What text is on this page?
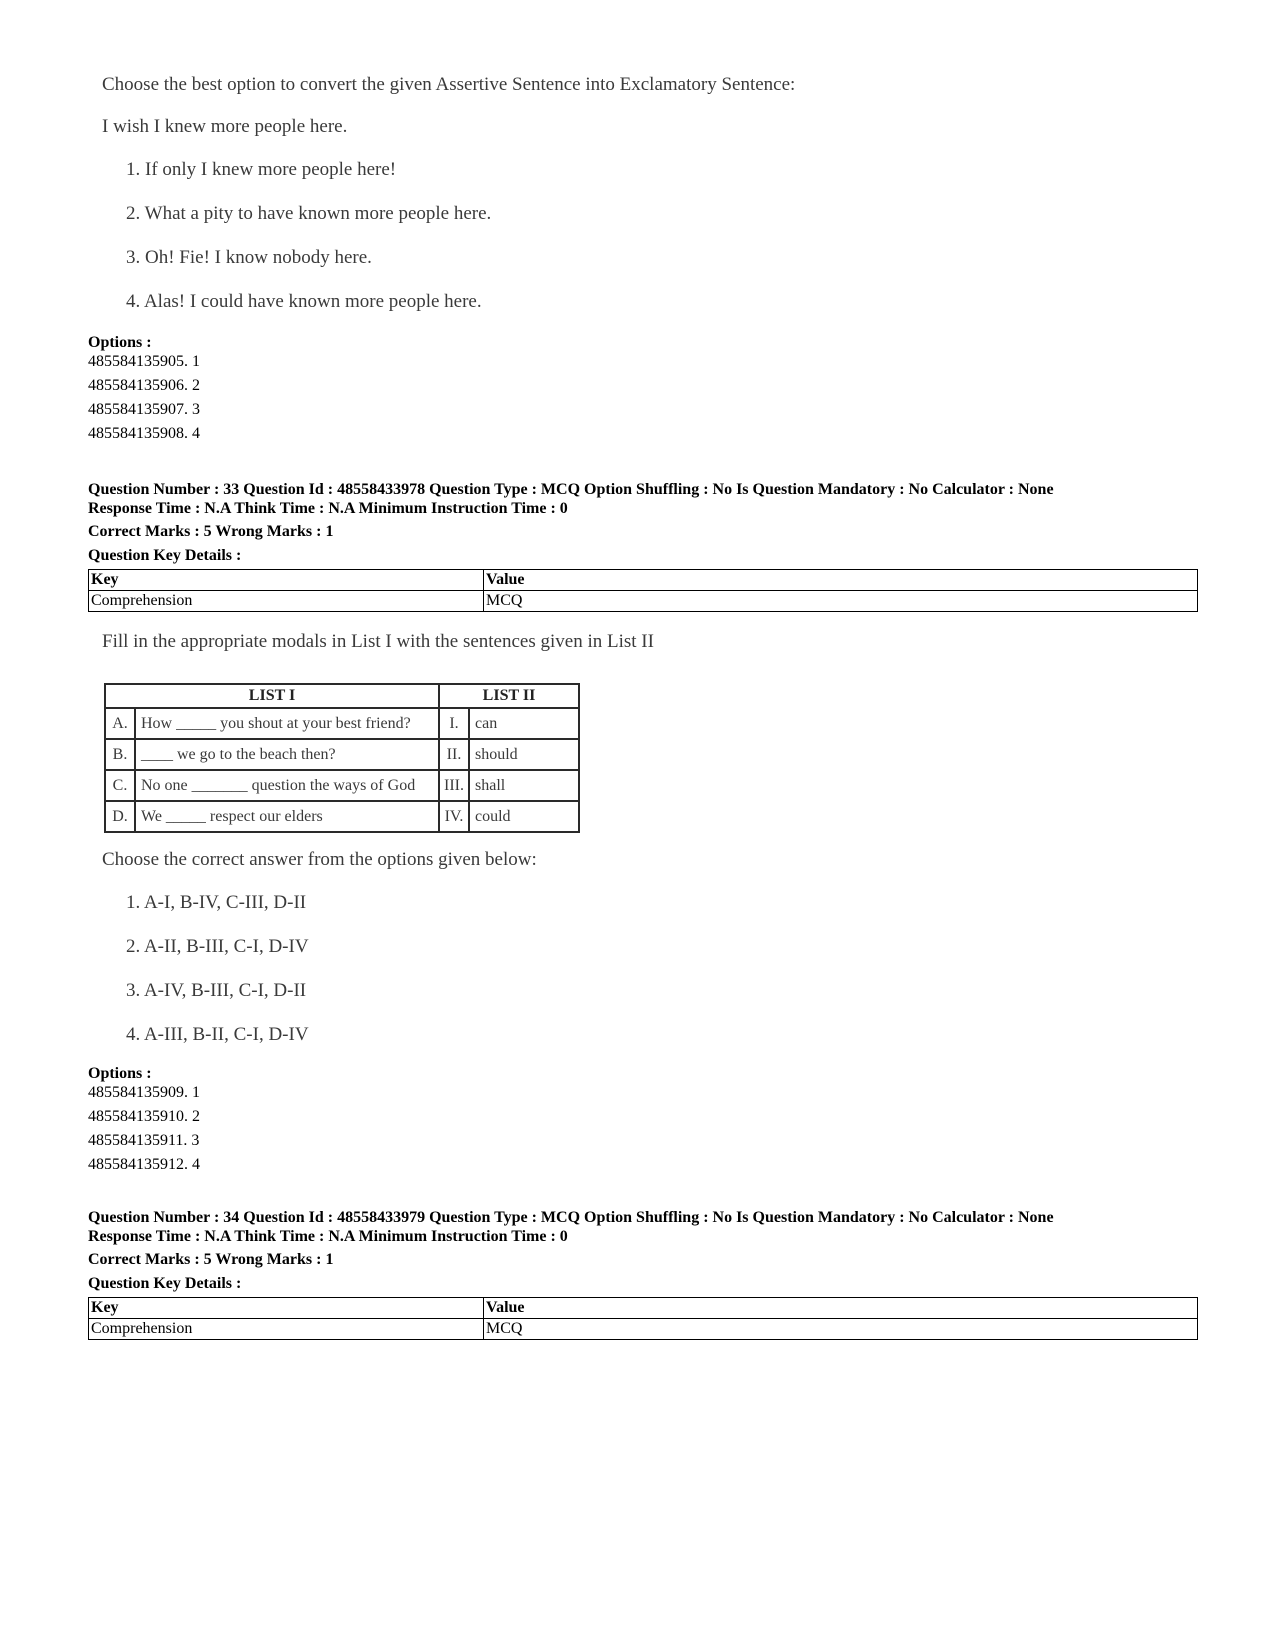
Choose the best option to convert the given Assertive Sentence into Exclamatory Sentence:
I wish I knew more people here.
1. If only I knew more people here!
2. What a pity to have known more people here.
3. Oh! Fie! I know nobody here.
4. Alas! I could have known more people here.
Options :
485584135905. 1
485584135906. 2
485584135907. 3
485584135908. 4
Question Number : 33 Question Id : 48558433978 Question Type : MCQ Option Shuffling : No Is Question Mandatory : No Calculator : None
Response Time : N.A Think Time : N.A Minimum Instruction Time : 0
Correct Marks : 5 Wrong Marks : 1
Question Key Details :
Key	Value
Comprehension	MCQ
Fill in the appropriate modals in List I with the sentences given in List II
LIST I		LIST II	
A.	How _____ you shout at your best friend?	I.	can
B.	____ we go to the beach then?	II.	should
C.	No one _______ question the ways of God	III.	shall
D.	We _____ respect our elders	IV.	could
Choose the correct answer from the options given below:
1. A-I, B-IV, C-III, D-II
2. A-II, B-III, C-I, D-IV
3. A-IV, B-III, C-I, D-II
4. A-III, B-II, C-I, D-IV
Options :
485584135909. 1
485584135910. 2
485584135911. 3
485584135912. 4
Question Number : 34 Question Id : 48558433979 Question Type : MCQ Option Shuffling : No Is Question Mandatory : No Calculator : None
Response Time : N.A Think Time : N.A Minimum Instruction Time : 0
Correct Marks : 5 Wrong Marks : 1
Question Key Details :
Key	Value
Comprehension	MCQ
